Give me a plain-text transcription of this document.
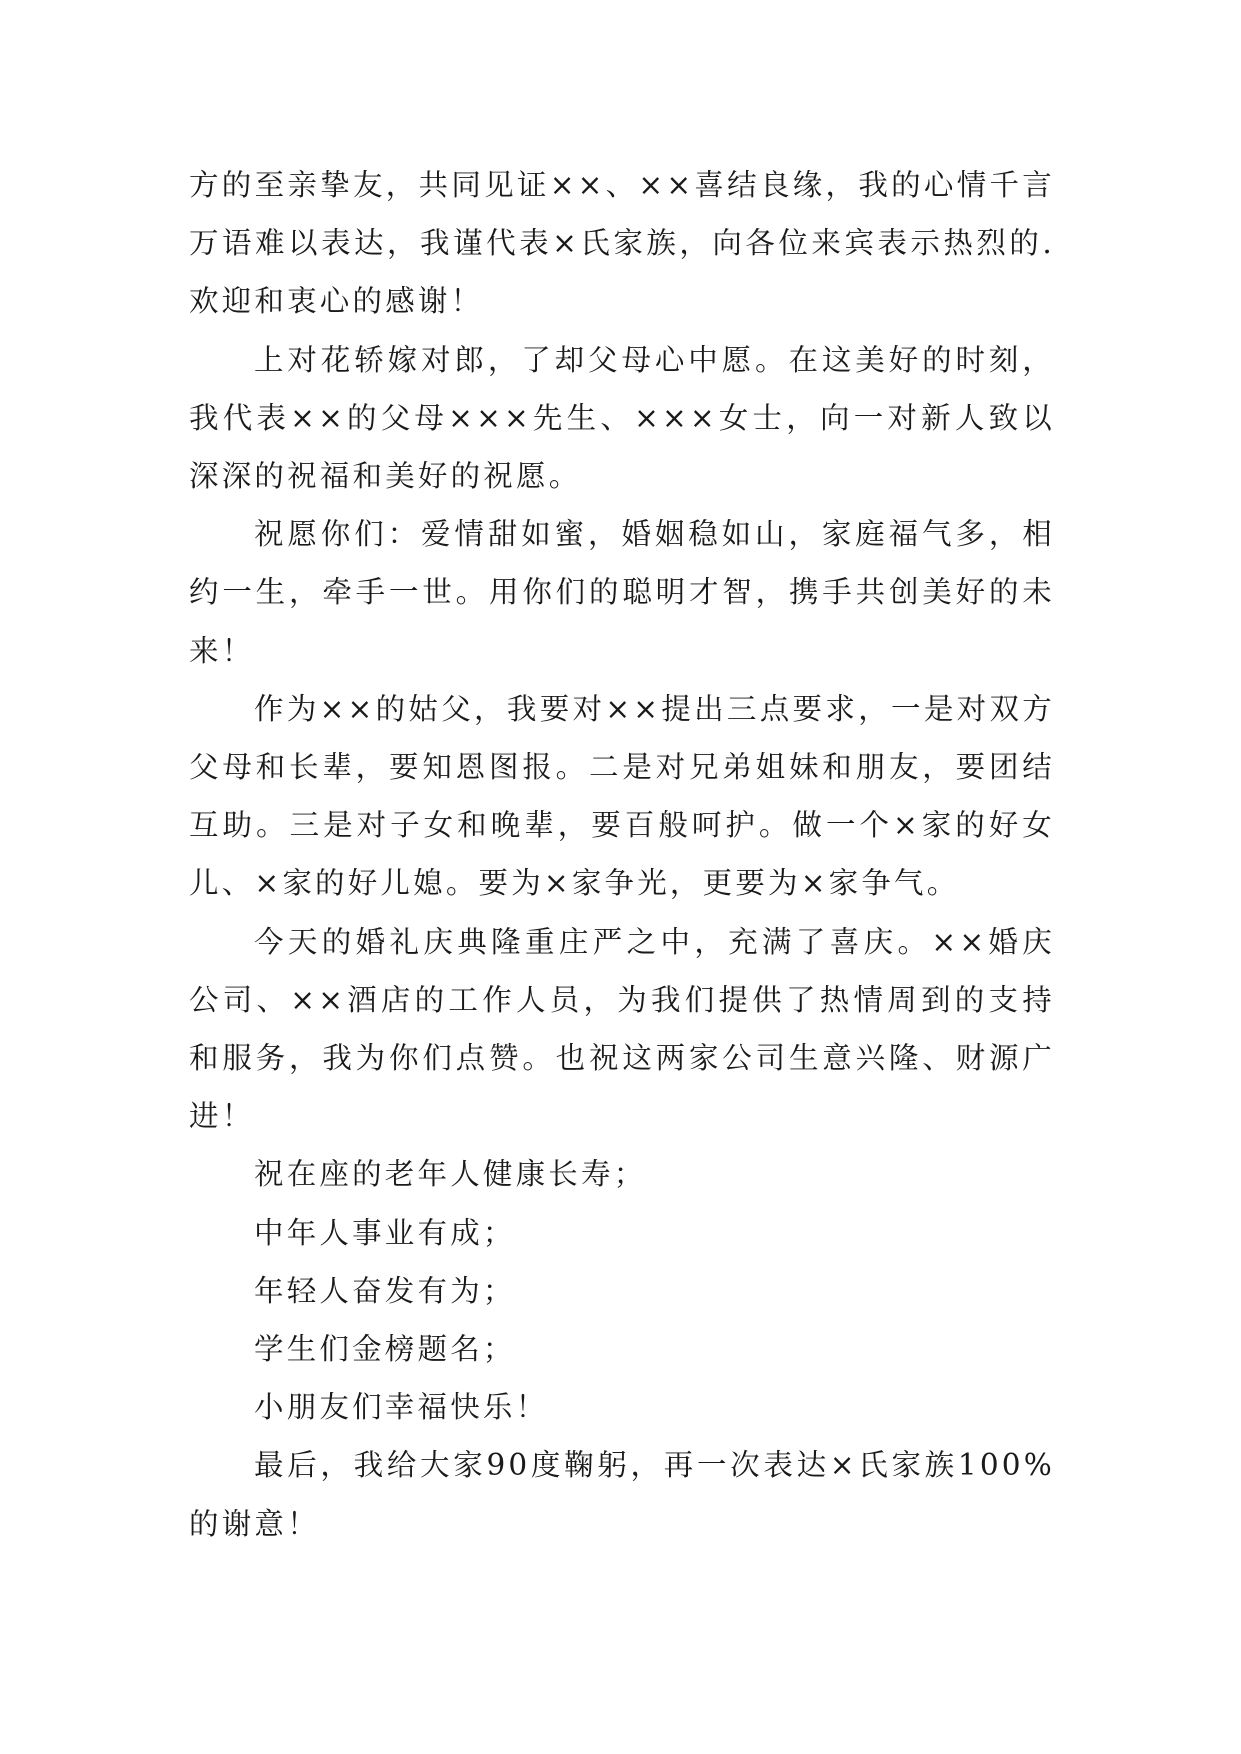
方的至亲挚友，共同见证××、××喜结良缘，我的心情千言万语难以表达，我谨代表×氏家族，向各位来宾表示热烈的.欢迎和衷心的感谢！

上对花轿嫁对郎，了却父母心中愿。在这美好的时刻，我代表××的父母×××先生、×××女士，向一对新人致以深深的祝福和美好的祝愿。

祝愿你们：爱情甜如蜜，婚姻稳如山，家庭福气多，相约一生，牵手一世。用你们的聪明才智，携手共创美好的未来！

作为××的姑父，我要对××提出三点要求，一是对双方父母和长辈，要知恩图报。二是对兄弟姐妹和朋友，要团结互助。三是对子女和晚辈，要百般呵护。做一个×家的好女儿、×家的好儿媳。要为×家争光，更要为×家争气。

今天的婚礼庆典隆重庄严之中，充满了喜庆。××婚庆公司、××酒店的工作人员，为我们提供了热情周到的支持和服务，我为你们点赞。也祝这两家公司生意兴隆、财源广进！

祝在座的老年人健康长寿；

中年人事业有成；

年轻人奋发有为；

学生们金榜题名；

小朋友们幸福快乐！

最后，我给大家90度鞠躬，再一次表达×氏家族100%的谢意！
